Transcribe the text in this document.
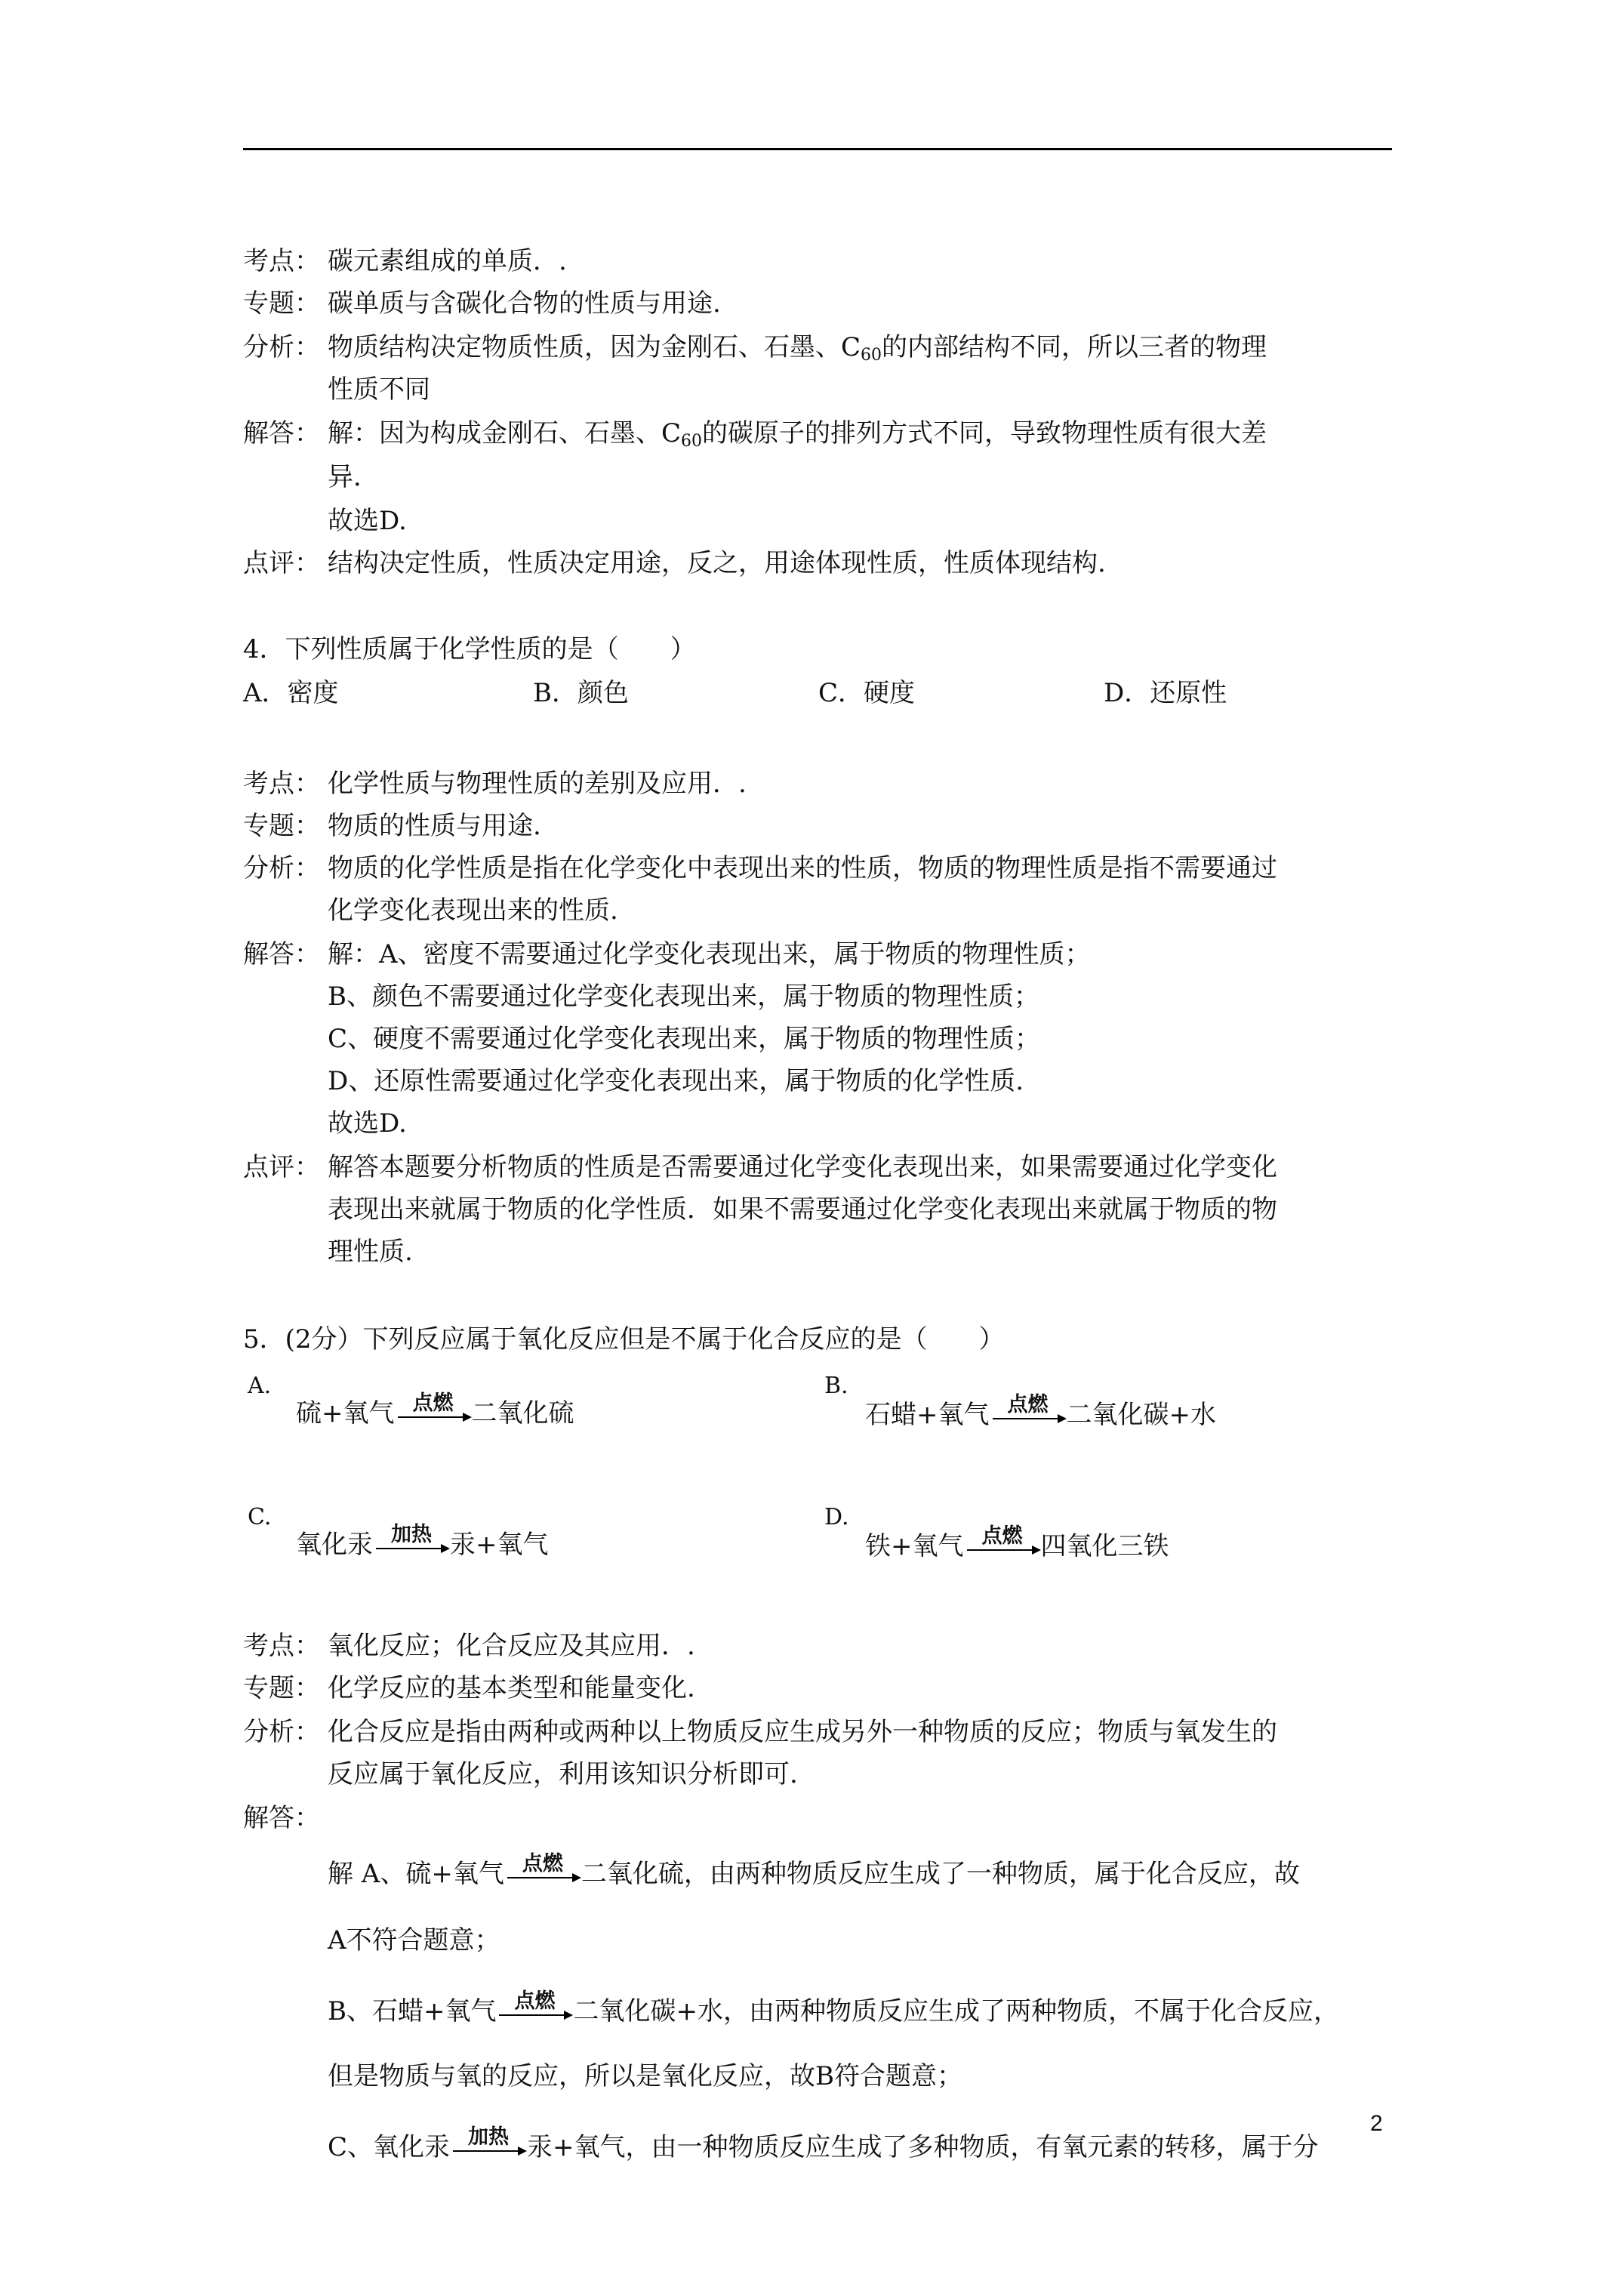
考点： 碳元素组成的单质．.
专题： 碳单质与含碳化合物的性质与用途.
分析： 物质结构决定物质性质，因为金刚石、石墨、$C_{60}$的内部结构不同，所以三者的物理
性质不同
解答： 解：因为构成金刚石、石墨、$C_{60}$的碳原子的排列方式不同，导致物理性质有很大差
异．
故选D.
点评： 结构决定性质，性质决定用途，反之，用途体现性质，性质体现结构.
4．下列性质属于化学性质的是（　　）
A．密度	B．颜色	C．硬度	D．还原性
考点： 化学性质与物理性质的差别及应用．.
专题： 物质的性质与用途.
分析： 物质的化学性质是指在化学变化中表现出来的性质，物质的物理性质是指不需要通过
化学变化表现出来的性质.
解答： 解：A、密度不需要通过化学变化表现出来，属于物质的物理性质；
B、颜色不需要通过化学变化表现出来，属于物质的物理性质；
C、硬度不需要通过化学变化表现出来，属于物质的物理性质；
D、还原性需要通过化学变化表现出来，属于物质的化学性质.
故选D.
点评： 解答本题要分析物质的性质是否需要通过化学变化表现出来，如果需要通过化学变化
表现出来就属于物质的化学性质．如果不需要通过化学变化表现出来就属于物质的物
理性质.
5．(2分）下列反应属于氧化反应但是不属于化合反应的是（　　）
A.
硫+氧气 点燃 二氧化硫
B.
石蜡+氧气 点燃 二氧化碳+水
C.
氧化汞 加热 汞+氧气
D.
铁+氧气 点燃 四氧化三铁
考点： 氧化反应；化合反应及其应用．.
专题： 化学反应的基本类型和能量变化.
分析： 化合反应是指由两种或两种以上物质反应生成另外一种物质的反应；物质与氧发生的
反应属于氧化反应，利用该知识分析即可.
解答：
解 A、硫+氧气 点燃 二氧化硫，由两种物质反应生成了一种物质，属于化合反应，故
A不符合题意；
B、石蜡+氧气 点燃 二氧化碳+水，由两种物质反应生成了两种物质，不属于化合反应，
但是物质与氧的反应，所以是氧化反应，故B符合题意；
C、氧化汞 加热 汞+氧气，由一种物质反应生成了多种物质，有氧元素的转移，属于分
2
